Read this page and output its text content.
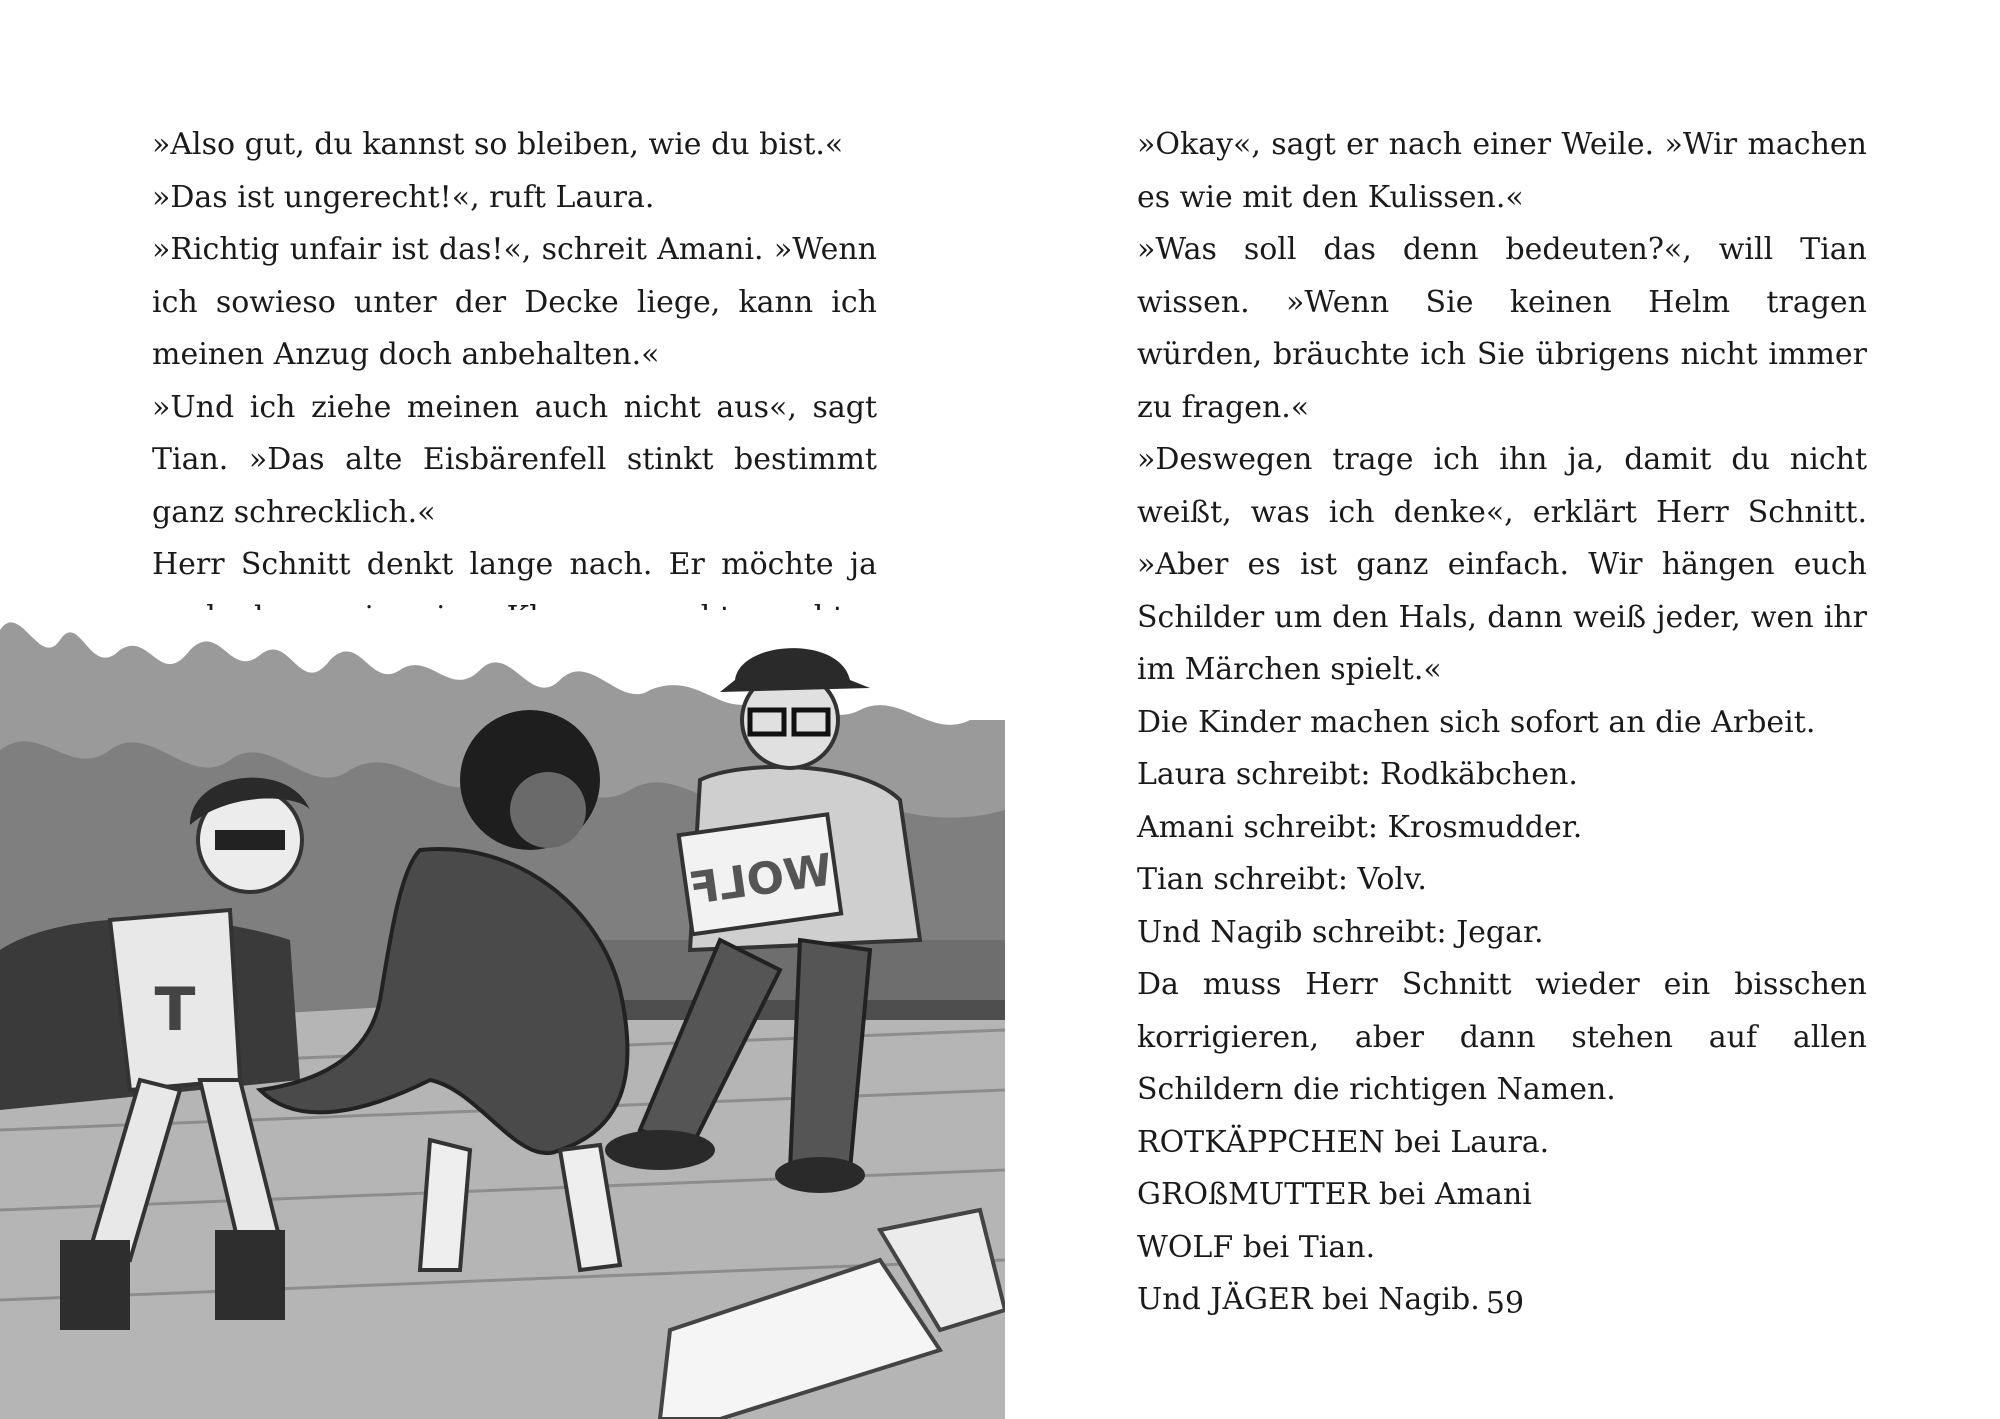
»Also gut, du kannst so bleiben, wie du bist.«

»Das ist ungerecht!«, ruft Laura.

»Richtig unfair ist das!«, schreit Amani. »Wenn ich sowieso unter der Decke liege, kann ich meinen Anzug doch anbehalten.«

»Und ich ziehe meinen auch nicht aus«, sagt Tian. »Das alte Eisbärenfell stinkt bestimmt ganz schrecklich.«

Herr Schnitt denkt lange nach. Er möchte ja

WOLF
T

»Okay«, sagt er nach einer Weile. »Wir machen es wie mit den Kulissen.«

»Was soll das denn bedeuten?«, will Tian wissen. »Wenn Sie keinen Helm tragen würden, bräuchte ich Sie übrigens nicht immer zu fragen.«

»Deswegen trage ich ihn ja, damit du nicht weißt, was ich denke«, erklärt Herr Schnitt. »Aber es ist ganz einfach. Wir hängen euch Schilder um den Hals, dann weiß jeder, wen ihr im Märchen spielt.«

Die Kinder machen sich sofort an die Arbeit.

Laura schreibt: Rodkäbchen.

Amani schreibt: Krosmudder.

Tian schreibt: Volv.

Und Nagib schreibt: Jegar.

Da muss Herr Schnitt wieder ein bisschen korrigieren, aber dann stehen auf allen Schildern die richtigen Namen.

ROTKÄPPCHEN bei Laura.

GROßMUTTER bei Amani

WOLF bei Tian.

Und JÄGER bei Nagib. 59
